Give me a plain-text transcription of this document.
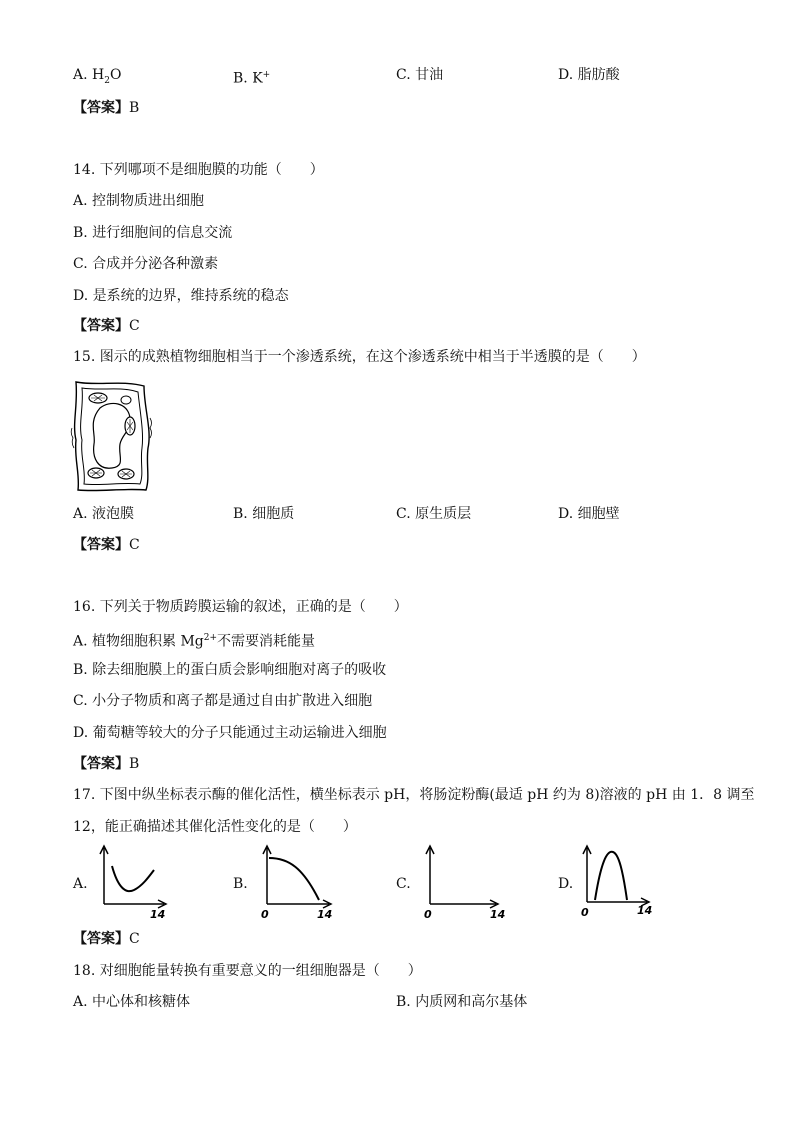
A. $H_2O$	B. K+	C. 甘油	D. 脂肪酸
【答案】B
14. 下列哪项不是细胞膜的功能（　　）
A. 控制物质进出细胞
B. 进行细胞间的信息交流
C. 合成并分泌各种激素
D. 是系统的边界，维持系统的稳态
【答案】C
15. 图示的成熟植物细胞相当于一个渗透系统，在这个渗透系统中相当于半透膜的是（　　）
A. 液泡膜	B. 细胞质	C. 原生质层	D. 细胞壁
【答案】C
16. 下列关于物质跨膜运输的叙述，正确的是（　　）
A. 植物细胞积累 $Mg^{2+}$不需要消耗能量
B. 除去细胞膜上的蛋白质会影响细胞对离子的吸收
C. 小分子物质和离子都是通过自由扩散进入细胞
D. 葡萄糖等较大的分子只能通过主动运输进入细胞
【答案】B
17. 下图中纵坐标表示酶的催化活性，横坐标表示 pH，将肠淀粉酶(最适 pH 约为 8)溶液的 pH 由 1．8 调至
12，能正确描述其催化活性变化的是（　　）
A.
14
B.
0	14
C.
0	14
D.
0	14
【答案】C
18. 对细胞能量转换有重要意义的一组细胞器是（　　）
A. 中心体和核糖体	B. 内质网和高尔基体
